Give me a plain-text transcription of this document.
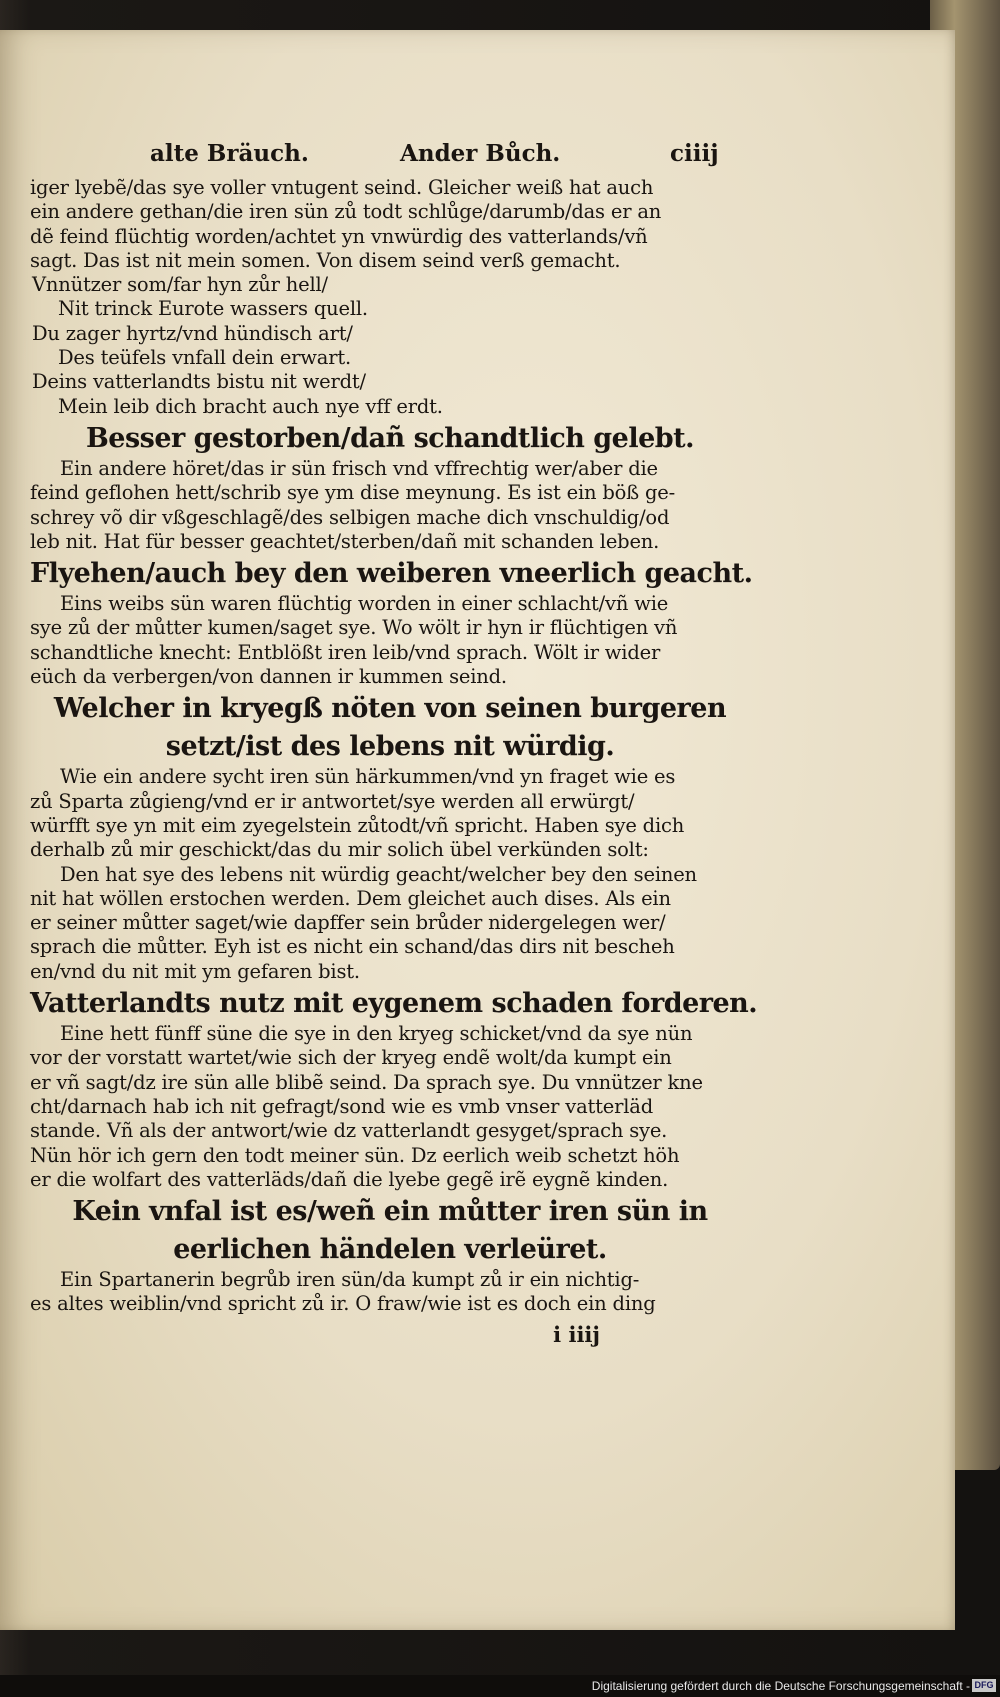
alte Bräuch.	Ander Bůch.	ciiij
iger lyebẽ/das sye voller vntugent seind. Gleicher weiß hat auch
ein andere gethan/die iren sün zů todt schlůge/darumb/das er an
dẽ feind flüchtig worden/achtet yn vnwürdig des vatterlands/vñ
sagt. Das ist nit mein somen. Von disem seind verß gemacht.
Vnnützer som/far hyn zůr hell/
Nit trinck Eurote wassers quell.
Du zager hyrtz/vnd hündisch art/
Des teüfels vnfall dein erwart.
Deins vatterlandts bistu nit werdt/
Mein leib dich bracht auch nye vff erdt.
Besser gestorben/dañ schandtlich gelebt.
Ein andere höret/das ir sün frisch vnd vffrechtig wer/aber die
feind geflohen hett/schrib sye ym dise meynung. Es ist ein böß ge-
schrey võ dir vßgeschlagẽ/des selbigen mache dich vnschuldig/od
leb nit. Hat für besser geachtet/sterben/dañ mit schanden leben.
Flyehen/auch bey den weiberen vneerlich geacht.
Eins weibs sün waren flüchtig worden in einer schlacht/vñ wie
sye zů der můtter kumen/saget sye. Wo wölt ir hyn ir flüchtigen vñ
schandtliche knecht: Entblößt iren leib/vnd sprach. Wölt ir wider
eüch da verbergen/von dannen ir kummen seind.
Welcher in kryegß nöten von seinen burgeren
setzt/ist des lebens nit würdig.
Wie ein andere sycht iren sün härkummen/vnd yn fraget wie es
zů Sparta zůgieng/vnd er ir antwortet/sye werden all erwürgt/
würfft sye yn mit eim zyegelstein zůtodt/vñ spricht. Haben sye dich
derhalb zů mir geschickt/das du mir solich übel verkünden solt:
Den hat sye des lebens nit würdig geacht/welcher bey den seinen
nit hat wöllen erstochen werden. Dem gleichet auch dises. Als ein
er seiner můtter saget/wie dapffer sein brůder nidergelegen wer/
sprach die můtter. Eyh ist es nicht ein schand/das dirs nit bescheh
en/vnd du nit mit ym gefaren bist.
Vatterlandts nutz mit eygenem schaden forderen.
Eine hett fünff süne die sye in den kryeg schicket/vnd da sye nün
vor der vorstatt wartet/wie sich der kryeg endẽ wolt/da kumpt ein
er vñ sagt/dz ire sün alle blibẽ seind. Da sprach sye. Du vnnützer kne
cht/darnach hab ich nit gefragt/sond wie es vmb vnser vatterläd
stande. Vñ als der antwort/wie dz vatterlandt gesyget/sprach sye.
Nün hör ich gern den todt meiner sün. Dz eerlich weib schetzt höh
er die wolfart des vatterläds/dañ die lyebe gegẽ irẽ eygnẽ kinden.
Kein vnfal ist es/weñ ein můtter iren sün in
eerlichen händelen verleüret.
Ein Spartanerin begrůb iren sün/da kumpt zů ir ein nichtig-
es altes weiblin/vnd spricht zů ir. O fraw/wie ist es doch ein ding
i iiij
Digitalisierung gefördert durch die Deutsche Forschungsgemeinschaft - DFG
